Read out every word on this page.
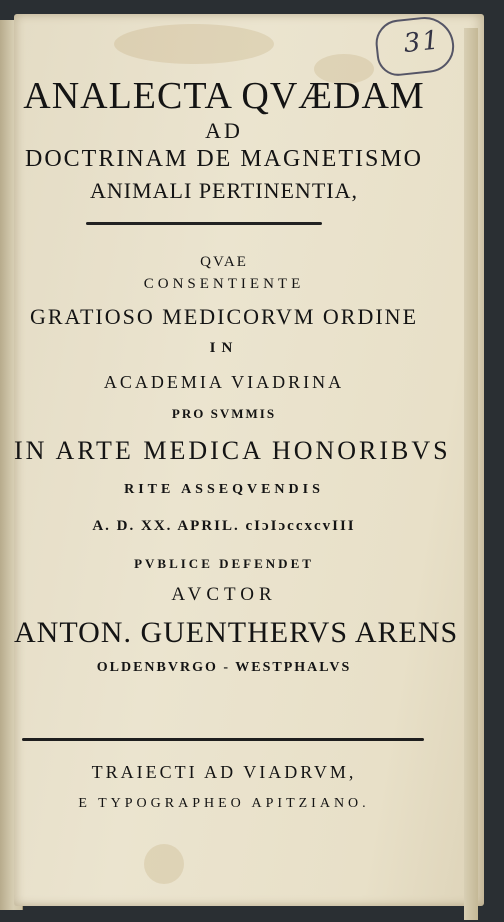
31
ANALECTA QVÆDAM
AD
DOCTRINAM DE MAGNETISMO
ANIMALI PERTINENTIA,
QVAE
CONSENTIENTE
GRATIOSO MEDICORVM ORDINE
IN
ACADEMIA VIADRINA
PRO SVMMIS
IN ARTE MEDICA HONORIBVS
RITE ASSEQVENDIS
A. D. XX. APRIL. cIɔIɔccxcvIII
PVBLICE DEFENDET
AVCTOR
ANTON. GUENTHERVS ARENS
OLDENBVRGO - WESTPHALVS
TRAIECTI AD VIADRVM,
E TYPOGRAPHEO APITZIANO.
